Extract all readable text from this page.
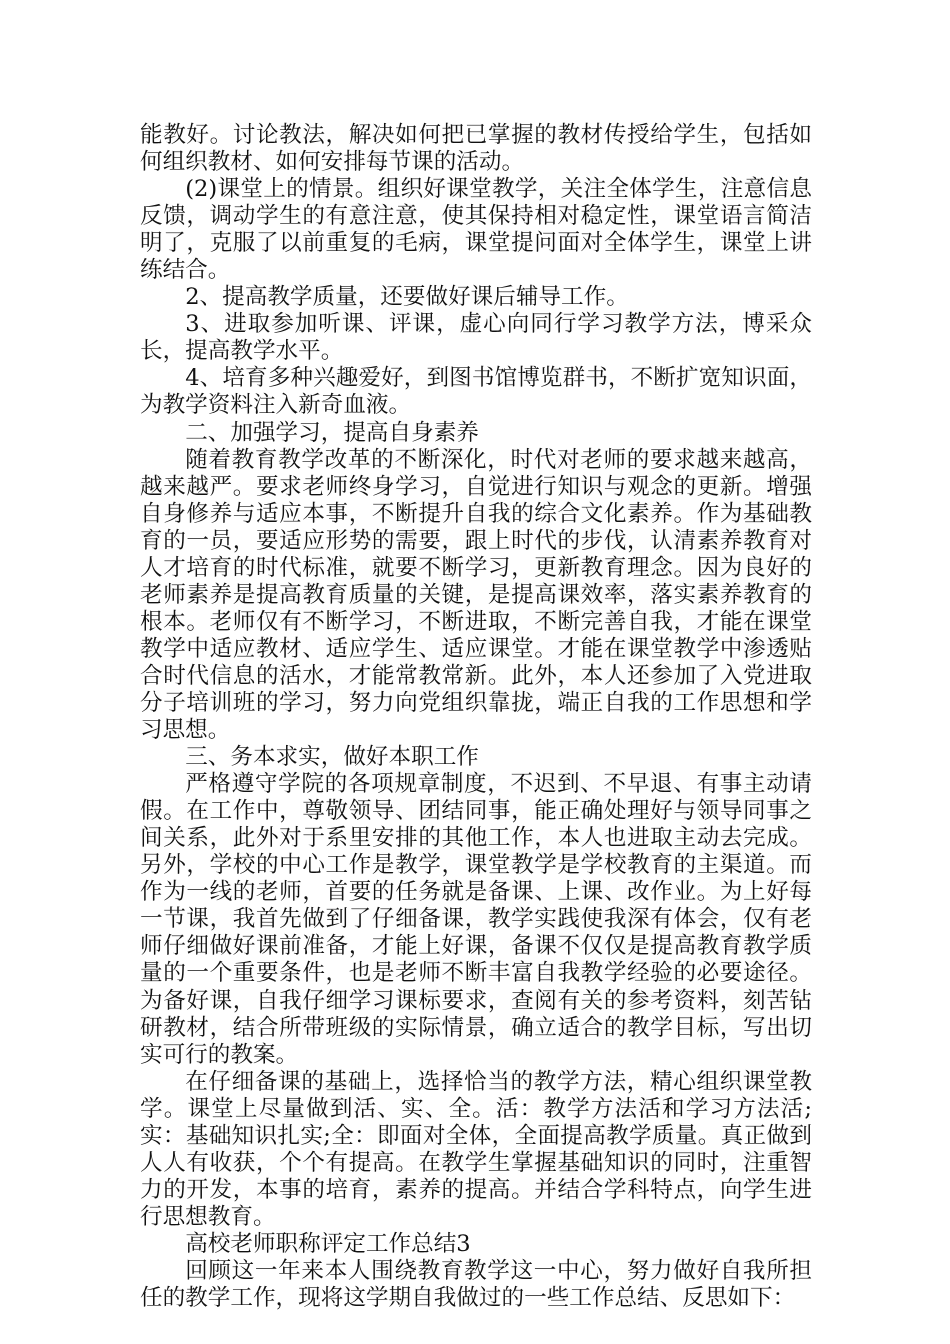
能教好。讨论教法，解决如何把已掌握的教材传授给学生，包括如何组织教材、如何安排每节课的活动。

(2)课堂上的情景。组织好课堂教学，关注全体学生，注意信息反馈，调动学生的有意注意，使其保持相对稳定性，课堂语言简洁明了，克服了以前重复的毛病，课堂提问面对全体学生，课堂上讲练结合。

2、提高教学质量，还要做好课后辅导工作。

3、进取参加听课、评课，虚心向同行学习教学方法，博采众长，提高教学水平。

4、培育多种兴趣爱好，到图书馆博览群书，不断扩宽知识面，为教学资料注入新奇血液。

二、加强学习，提高自身素养

随着教育教学改革的不断深化，时代对老师的要求越来越高，越来越严。要求老师终身学习，自觉进行知识与观念的更新。增强自身修养与适应本事，不断提升自我的综合文化素养。作为基础教育的一员，要适应形势的需要，跟上时代的步伐，认清素养教育对人才培育的时代标准，就要不断学习，更新教育理念。因为良好的老师素养是提高教育质量的关键，是提高课效率，落实素养教育的根本。老师仅有不断学习，不断进取，不断完善自我，才能在课堂教学中适应教材、适应学生、适应课堂。才能在课堂教学中渗透贴合时代信息的活水，才能常教常新。此外，本人还参加了入党进取分子培训班的学习，努力向党组织靠拢，端正自我的工作思想和学习思想。

三、务本求实，做好本职工作

严格遵守学院的各项规章制度，不迟到、不早退、有事主动请假。在工作中，尊敬领导、团结同事，能正确处理好与领导同事之间关系，此外对于系里安排的其他工作，本人也进取主动去完成。另外，学校的中心工作是教学，课堂教学是学校教育的主渠道。而作为一线的老师，首要的任务就是备课、上课、改作业。为上好每一节课，我首先做到了仔细备课，教学实践使我深有体会，仅有老师仔细做好课前准备，才能上好课，备课不仅仅是提高教育教学质量的一个重要条件，也是老师不断丰富自我教学经验的必要途径。为备好课，自我仔细学习课标要求，查阅有关的参考资料，刻苦钻研教材，结合所带班级的实际情景，确立适合的教学目标，写出切实可行的教案。

在仔细备课的基础上，选择恰当的教学方法，精心组织课堂教学。课堂上尽量做到活、实、全。活：教学方法活和学习方法活;实：基础知识扎实;全：即面对全体，全面提高教学质量。真正做到人人有收获，个个有提高。在教学生掌握基础知识的同时，注重智力的开发，本事的培育，素养的提高。并结合学科特点，向学生进行思想教育。

高校老师职称评定工作总结3

回顾这一年来本人围绕教育教学这一中心，努力做好自我所担任的教学工作，现将这学期自我做过的一些工作总结、反思如下：
